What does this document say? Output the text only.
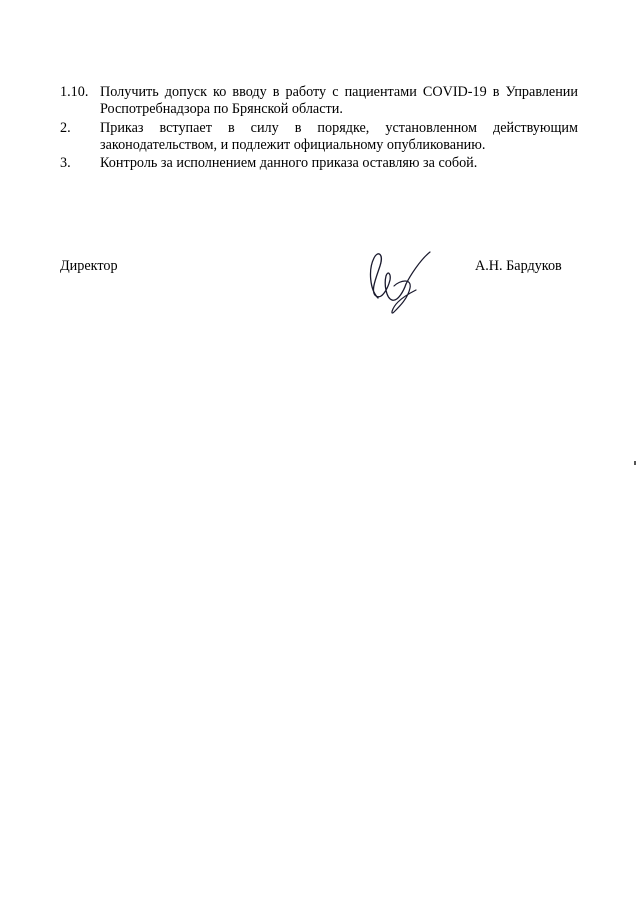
1.10. Получить допуск ко вводу в работу с пациентами COVID-19 в Управлении Роспотребнадзора по Брянской области.
2. Приказ вступает в силу в порядке, установленном действующим
законодательством, и подлежит официальному опубликованию.
3. Контроль за исполнением данного приказа оставляю за собой.
Директор	А.Н. Бардуков
